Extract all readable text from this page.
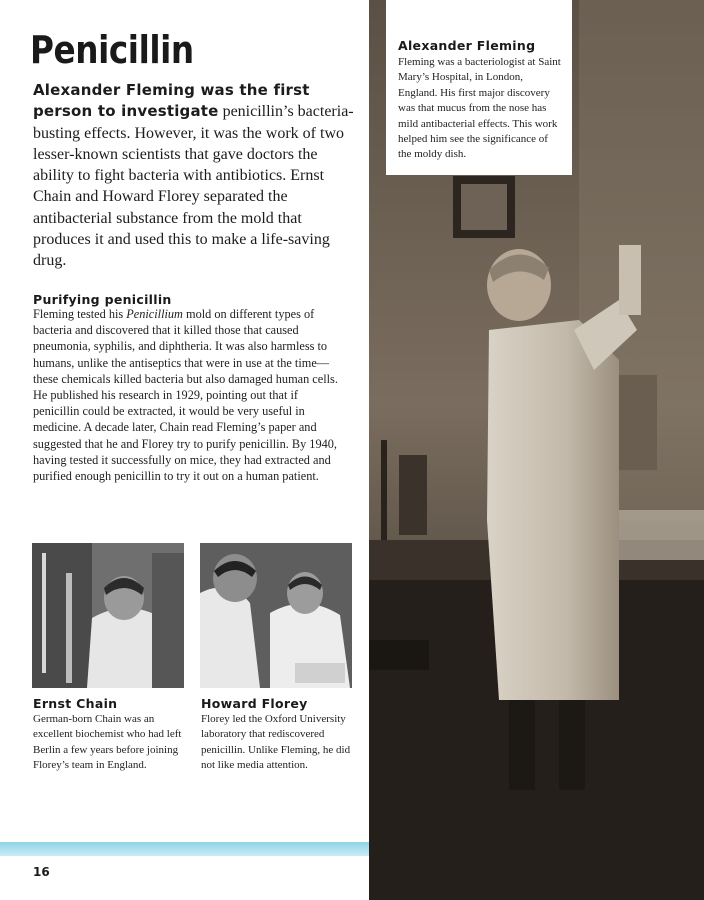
Alexander Fleming
Fleming was a bacteriologist at Saint Mary’s Hospital, in London, England. His first major discovery was that mucus from the nose has mild antibacterial effects. This work helped him see the significance of the moldy dish.
Penicillin

Alexander Fleming was the first person to investigate penicillin’s bacteria-busting effects. However, it was the work of two lesser-known scientists that gave doctors the ability to fight bacteria with antibiotics. Ernst Chain and Howard Florey separated the antibacterial substance from the mold that produces it and used this to make a life-saving drug.

Purifying penicillin

Fleming tested his Penicillium mold on different types of bacteria and discovered that it killed those that caused pneumonia, syphilis, and diphtheria. It was also harmless to humans, unlike the antiseptics that were in use at the time—these chemicals killed bacteria but also damaged human cells. He published his research in 1929, pointing out that if penicillin could be extracted, it would be very useful in medicine. A decade later, Chain read Fleming’s paper and suggested that he and Florey try to purify penicillin. By 1940, having tested it successfully on mice, they had extracted and purified enough penicillin to try it out on a human patient.

Ernst Chain
German-born Chain was an excellent biochemist who had left Berlin a few years before joining Florey’s team in England.
Howard Florey
Florey led the Oxford University laboratory that rediscovered penicillin. Unlike Fleming, he did not like media attention.
16
